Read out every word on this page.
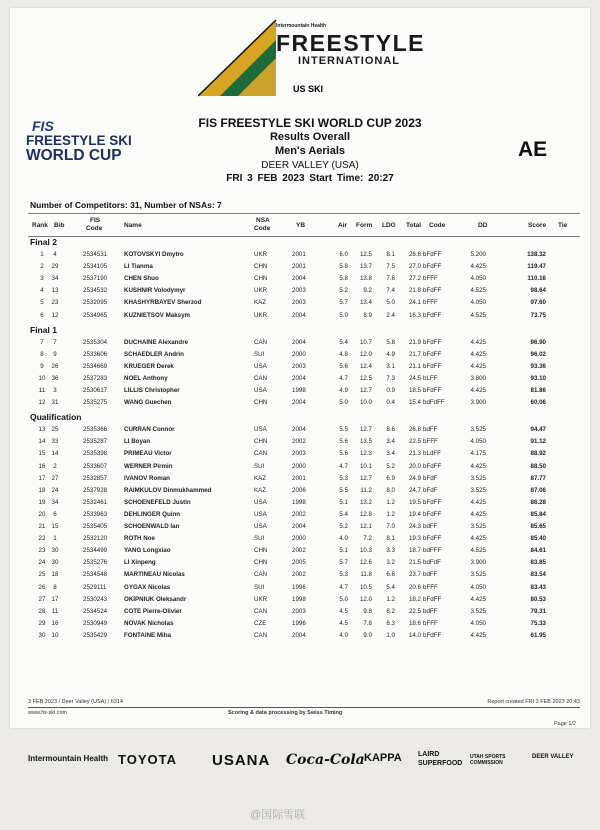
Intermountain Health
FREESTYLE
INTERNATIONAL
US SKI
FIS
FREESTYLE SKI
WORLD CUP
FIS FREESTYLE SKI WORLD CUP 2023
Results Overall
Men's Aerials
DEER VALLEY (USA)
FRI 3 FEB 2023 Start Time: 20:27
AE
Number of Competitors: 31, Number of NSAs: 7
Rank Bib
FIS
Code	Name
NSA
Code	YB	Air Form LDG Total Code	DD	Score Tie
Final 2
1	4	2534531	KOTOVSKYI Dmytro	UKR	2001	6.0	12.5	8.1	26.6 bFdFF	5.200	138.32
2	29	2534105	LI Tianma	CHN	2001	5.8	13.7	7.5	27.0 bFdFF	4.425	119.47
3	34	2537190	CHEN Shuo	CHN	2004	5.8	13.8	7.6	27.2 bFFF	4.050	110.16
4	13	2534532	KUSHNIR Volodymyr	UKR	2003	5.2	9.2	7.4	21.8 bFdFF	4.525	98.64
5	23	2532095	KHASHYRBAYEV Sherzod	KAZ	2003	5.7	13.4	5.0	24.1 bFFF	4.050	97.60
6	12	2534965	KUZNIETSOV Maksym	UKR	2004	5.0	8.9	2.4	16.3 bFdFF	4.525	73.75
Final 1
7	7	2535304	DUCHAINE Alexandre	CAN	2004	5.4	10.7	5.8	21.9 bFdFF	4.425	96.90
8	9	2533606	SCHAEDLER Andrin	SUI	2000	4.8	12.0	4.9	21.7 bFdFF	4.425	96.02
9	26	2534669	KRUEGER Derek	USA	2003	5.6	12.4	3.1	21.1 bFdFF	4.425	93.36
10 36	2537283	NOEL Anthony	CAN	2004	4.7	12.5	7.3	24.5 bLFF	3.800	93.10
11	3	2530617	LILLIS Christopher	USA	1998	4.9	12.7	0.9	18.5 bFdFF	4.425	81.86
12 31	2535275	WANG Guechen	CHN	2004	5.0	10.0	0.4	15.4 bdFdFF	3.900	60.06
Qualification
13 25	2535366	CURRAN Connor	USA	2004	5.5	12.7	8.6	26.8 bdFF	3.525	94.47
14 33	2535287	LI Boyan	CHN	2002	5.6	13.5	3.4	22.5 bFFF	4.050	91.12
15 14	2535398	PRIMEAU Victor	CAN	2003	5.6	12.3	3.4	21.3 bLdFF	4.175	88.92
16	2	2533607	WERNER Pirmin	SUI	2000	4.7	10.1	5.2	20.0 bFdFF	4.425	88.50
17 27	2532857	IVANOV Roman	KAZ	2001	5.3	12.7	6.9	24.9 bFdF	3.525	87.77
18 24	2537928	RAIMKULOV Dinmukhammed	KAZ	2006	5.5	11.2	8.0	24.7 bFdF	3.525	87.06
19 34	2532461	SCHOENEFELD Justin	USA	1998	5.1	13.2	1.2	19.5 bFdFF	4.425	86.28
20	6	2533963	DEHLINGER Quinn	USA	2002	5.4	12.8	1.2	19.4 bFdFF	4.425	85.84
21 15	2535405	SCHOENWALD Ian	USA	2004	5.2	12.1	7.0	24.3 bdFF	3.525	85.65
22	1	2532120	ROTH Noe	SUI	2000	4.0	7.2	8.1	19.3 bFdFF	4.425	85.40
23 30	2534499	YANG Longxiao	CHN	2002	5.1	10.3	3.3	18.7 bdFFF	4.525	84.61
24 30	2535276	LI Xinpeng	CHN	2005	5.7	12.6	3.2	21.5 bdFdF	3.900	83.85
25 18	2534548	MARTINEAU Nicolas	CAN	2002	5.3	11.8	6.6	23.7 bdFF	3.525	83.54
26	8	2529111	GYGAX Nicolas	SUI	1996	4.7	10.5	5.4	20.6 bFFF	4.050	83.43
27 17	2530243	OKIPNIUK Oleksandr	UKR	1998	5.0	12.0	1.2	18.2 bFdFF	4.425	80.53
28	11	2534524	COTE Pierre-Olivier	CAN	2003	4.5	9.8	8.2	22.5 bdFF	3.525	79.31
29 16	2530949	NOVAK Nicholas	CZE	1996	4.5	7.8	6.3	18.6 bFFF	4.050	75.33
30 10	2535429	FONTAINE Miha	CAN	2004	4.0	9.0	1.0	14.0 bFdFF	4.425	61.95
3 FEB 2023 / Deer Valley (USA) / 6314	Report created FRI 3 FEB 2023 20:43
www.fis-ski.com	Scoring & data processing by Swiss Timing
Page 1/2
Intermountain Health TOYOTA USANA Coca-Cola KAPPA LAIRD SUPERFOOD
UTAH SPORTS COMMISSION
DEER VALLEY
@国际雪联
